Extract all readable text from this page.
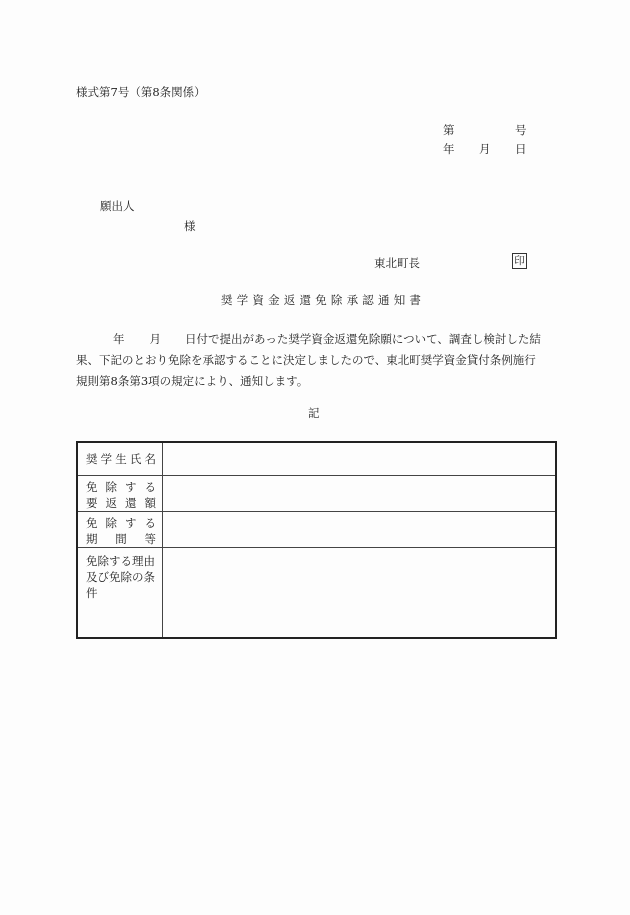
様式第7号（第8条関係）
第	号
年 月 日
願出人
様
東北町長	印
奨学資金返還免除承認通知書

年 月 日付で提出があった奨学資金返還免除願について、調査し検討した結

果、下記のとおり免除を承認することに決定しましたので、東北町奨学資金貸付条例施行

規則第8条第3項の規定により、通知します。

記
奨 学 生 氏 名	

免 除 す る
要 返 還 額

免 除 す る
期 間 等

免除する理由
及び免除の条
件	
